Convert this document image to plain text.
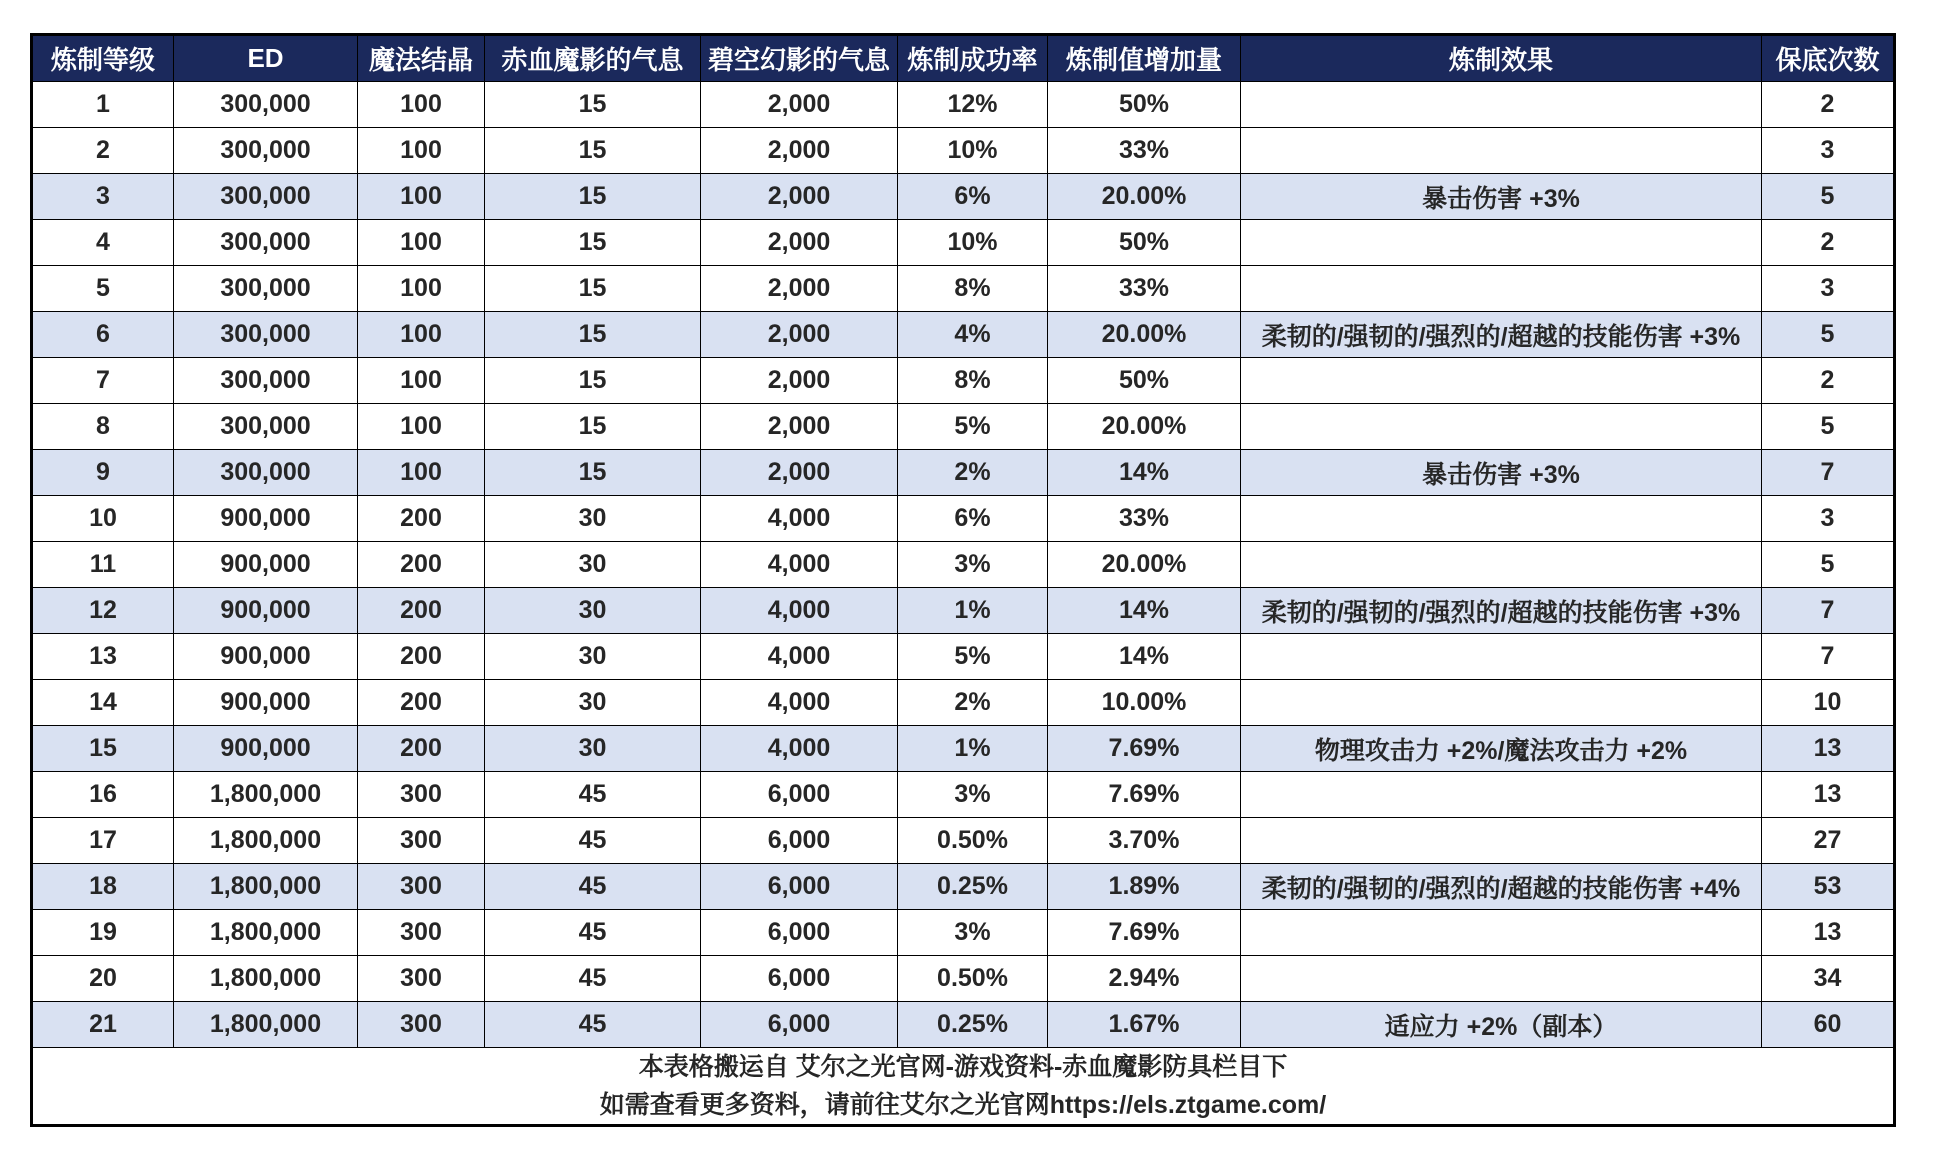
炼制等级	ED	魔法结晶	赤血魔影的气息	碧空幻影的气息	炼制成功率	炼制值增加量	炼制效果	保底次数
1	300,000	100	15	2,000	12%	50%		2
2	300,000	100	15	2,000	10%	33%		3
3	300,000	100	15	2,000	6%	20.00%	暴击伤害 +3%	5
4	300,000	100	15	2,000	10%	50%		2
5	300,000	100	15	2,000	8%	33%		3
6	300,000	100	15	2,000	4%	20.00%	柔韧的/强韧的/强烈的/超越的技能伤害 +3%	5
7	300,000	100	15	2,000	8%	50%		2
8	300,000	100	15	2,000	5%	20.00%		5
9	300,000	100	15	2,000	2%	14%	暴击伤害 +3%	7
10	900,000	200	30	4,000	6%	33%		3
11	900,000	200	30	4,000	3%	20.00%		5
12	900,000	200	30	4,000	1%	14%	柔韧的/强韧的/强烈的/超越的技能伤害 +3%	7
13	900,000	200	30	4,000	5%	14%		7
14	900,000	200	30	4,000	2%	10.00%		10
15	900,000	200	30	4,000	1%	7.69%	物理攻击力 +2%/魔法攻击力 +2%	13
16	1,800,000	300	45	6,000	3%	7.69%		13
17	1,800,000	300	45	6,000	0.50%	3.70%		27
18	1,800,000	300	45	6,000	0.25%	1.89%	柔韧的/强韧的/强烈的/超越的技能伤害 +4%	53
19	1,800,000	300	45	6,000	3%	7.69%		13
20	1,800,000	300	45	6,000	0.50%	2.94%		34
21	1,800,000	300	45	6,000	0.25%	1.67%	适应力 +2%（副本）	60

本表格搬运自 艾尔之光官网-游戏资料-赤血魔影防具栏目下
如需查看更多资料，请前往艾尔之光官网https://els.ztgame.com/								
